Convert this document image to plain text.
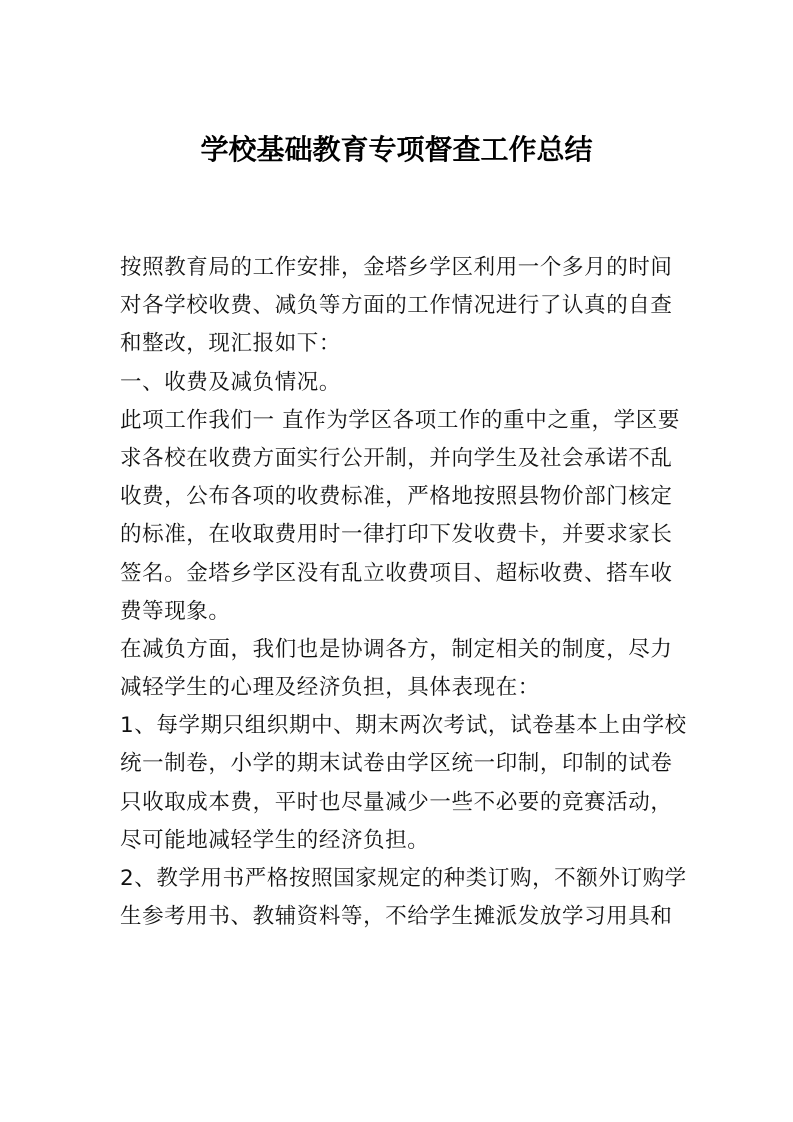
学校基础教育专项督查工作总结
按照教育局的工作安排，金塔乡学区利用一个多月的时间
对各学校收费、减负等方面的工作情况进行了认真的自查
和整改，现汇报如下：
一、收费及减负情况。
此项工作我们一 直作为学区各项工作的重中之重，学区要
求各校在收费方面实行公开制，并向学生及社会承诺不乱
收费，公布各项的收费标准，严格地按照县物价部门核定
的标准，在收取费用时一律打印下发收费卡，并要求家长
签名。金塔乡学区没有乱立收费项目、超标收费、搭车收
费等现象。
在减负方面，我们也是协调各方，制定相关的制度，尽力
减轻学生的心理及经济负担，具体表现在：
1、每学期只组织期中、期末两次考试，试卷基本上由学校
统一制卷，小学的期末试卷由学区统一印制，印制的试卷
只收取成本费，平时也尽量减少一些不必要的竞赛活动，
尽可能地减轻学生的经济负担。
2、教学用书严格按照国家规定的种类订购，不额外订购学
生参考用书、教辅资料等，不给学生摊派发放学习用具和
